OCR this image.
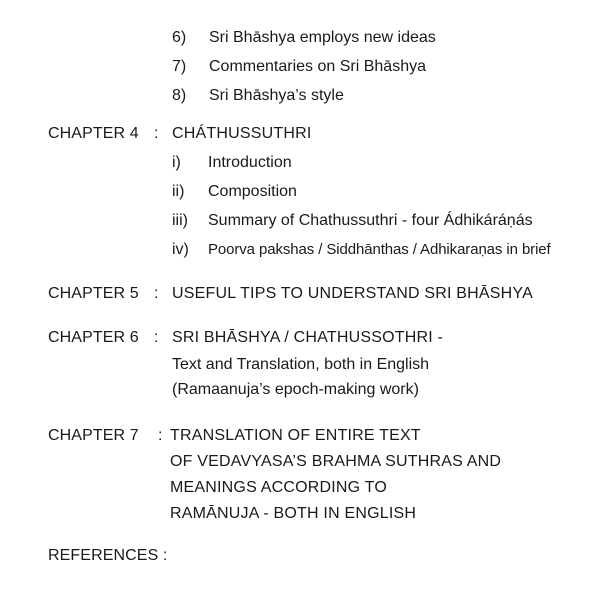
6) Sri Bhāshya employs new ideas
7) Commentaries on Sri Bhāshya
8) Sri Bhāshya’s style
CHAPTER 4 : CHÁTHUSSUTHRI
i) Introduction
ii) Composition
iii) Summary of Chathussuthri - four Ádhikáráṇás
iv) Poorva pakshas / Siddhānthas / Adhikaraṇas in brief
CHAPTER 5 : USEFUL TIPS TO UNDERSTAND SRI BHĀSHYA
CHAPTER 6 : SRI BHĀSHYA / CHATHUSSOTHRI -
Text and Translation, both in English
(Ramaanuja’s epoch-making work)
CHAPTER 7 : TRANSLATION OF ENTIRE TEXT
OF VEDAVYASA’S BRAHMA SUTHRAS AND
MEANINGS ACCORDING TO
RAMĀNUJA - BOTH IN ENGLISH
REFERENCES :
